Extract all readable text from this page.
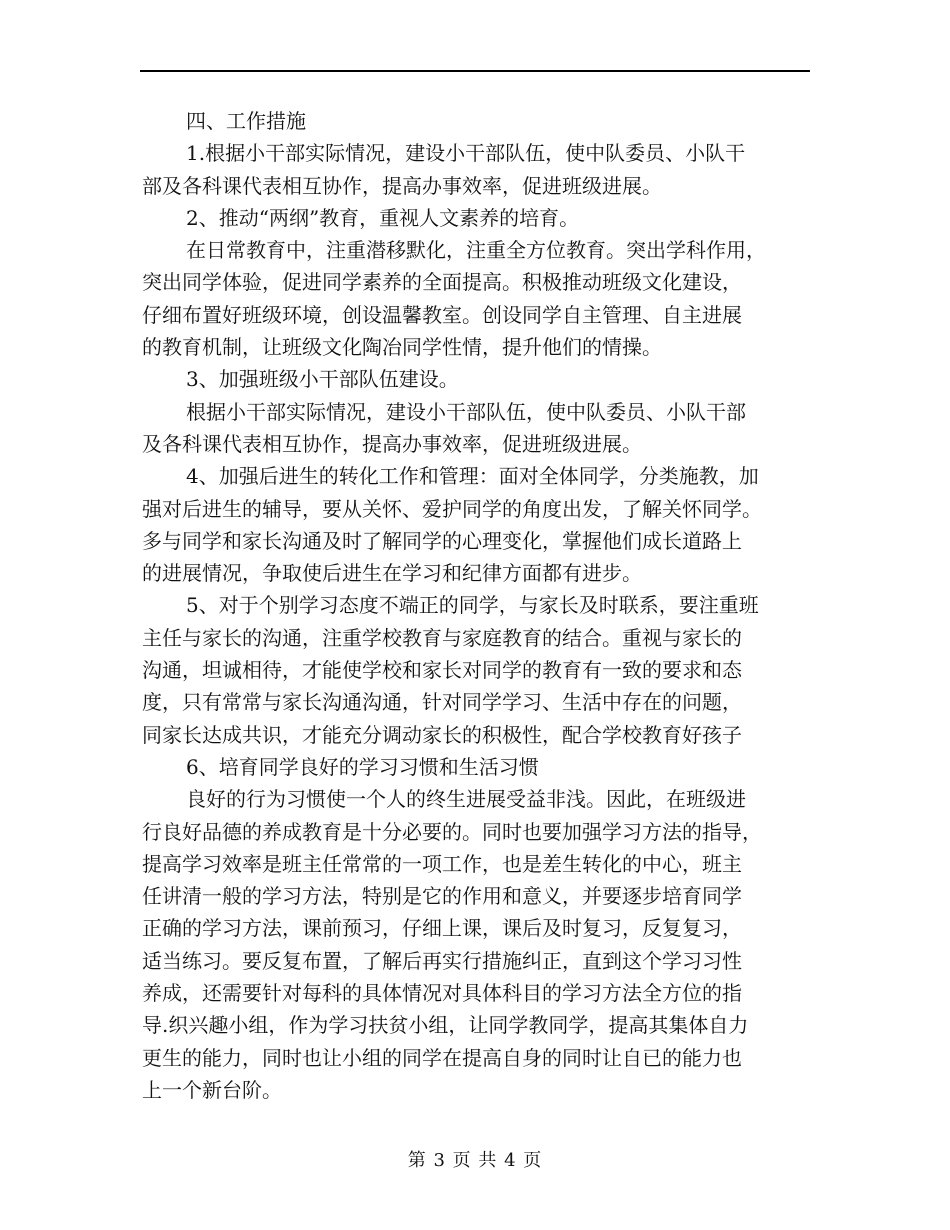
四、工作措施
1.根据小干部实际情况，建设小干部队伍，使中队委员、小队干
部及各科课代表相互协作，提高办事效率，促进班级进展。
2、推动“两纲”教育，重视人文素养的培育。
在日常教育中，注重潜移默化，注重全方位教育。突出学科作用，
突出同学体验，促进同学素养的全面提高。积极推动班级文化建设，
仔细布置好班级环境，创设温馨教室。创设同学自主管理、自主进展
的教育机制，让班级文化陶冶同学性情，提升他们的情操。
3、加强班级小干部队伍建设。
根据小干部实际情况，建设小干部队伍，使中队委员、小队干部
及各科课代表相互协作，提高办事效率，促进班级进展。
4、加强后进生的转化工作和管理：面对全体同学，分类施教，加
强对后进生的辅导，要从关怀、爱护同学的角度出发，了解关怀同学。
多与同学和家长沟通及时了解同学的心理变化，掌握他们成长道路上
的进展情况，争取使后进生在学习和纪律方面都有进步。
5、对于个别学习态度不端正的同学，与家长及时联系，要注重班
主任与家长的沟通，注重学校教育与家庭教育的结合。重视与家长的
沟通，坦诚相待，才能使学校和家长对同学的教育有一致的要求和态
度，只有常常与家长沟通沟通，针对同学学习、生活中存在的问题，
同家长达成共识，才能充分调动家长的积极性，配合学校教育好孩子
6、培育同学良好的学习习惯和生活习惯
良好的行为习惯使一个人的终生进展受益非浅。因此，在班级进
行良好品德的养成教育是十分必要的。同时也要加强学习方法的指导，
提高学习效率是班主任常常的一项工作，也是差生转化的中心，班主
任讲清一般的学习方法，特别是它的作用和意义，并要逐步培育同学
正确的学习方法，课前预习，仔细上课，课后及时复习，反复复习，
适当练习。要反复布置，了解后再实行措施纠正，直到这个学习习性
养成，还需要针对每科的具体情况对具体科目的学习方法全方位的指
导.织兴趣小组，作为学习扶贫小组，让同学教同学，提高其集体自力
更生的能力，同时也让小组的同学在提高自身的同时让自已的能力也
上一个新台阶。
第 3 页 共 4 页
